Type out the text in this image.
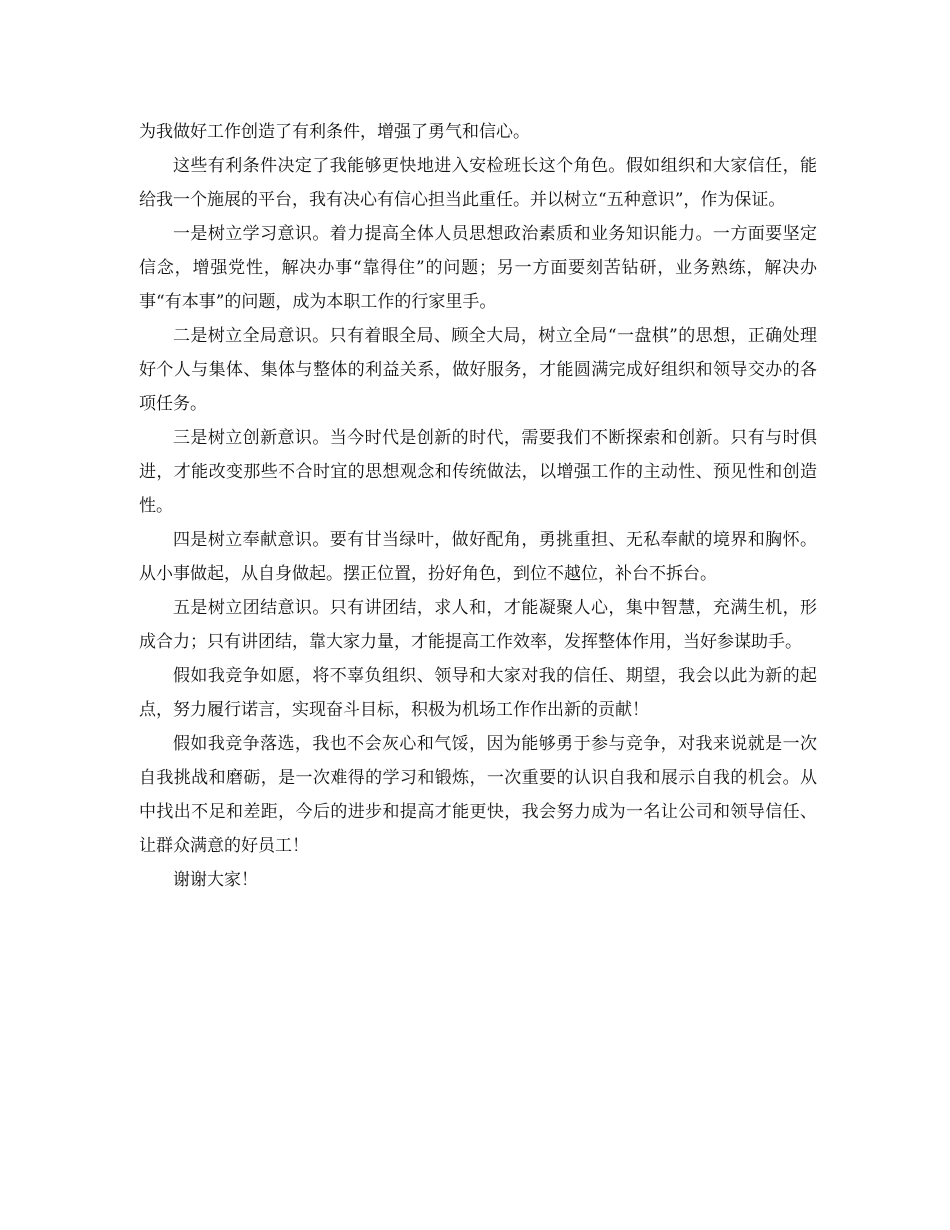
为我做好工作创造了有利条件，增强了勇气和信心。

这些有利条件决定了我能够更快地进入安检班长这个角色。假如组织和大家信任，能给我一个施展的平台，我有决心有信心担当此重任。并以树立“五种意识”，作为保证。

一是树立学习意识。着力提高全体人员思想政治素质和业务知识能力。一方面要坚定信念，增强党性，解决办事“靠得住”的问题；另一方面要刻苦钻研，业务熟练，解决办事“有本事”的问题，成为本职工作的行家里手。

二是树立全局意识。只有着眼全局、顾全大局，树立全局“一盘棋”的思想，正确处理好个人与集体、集体与整体的利益关系，做好服务，才能圆满完成好组织和领导交办的各项任务。

三是树立创新意识。当今时代是创新的时代，需要我们不断探索和创新。只有与时俱进，才能改变那些不合时宜的思想观念和传统做法，以增强工作的主动性、预见性和创造性。

四是树立奉献意识。要有甘当绿叶，做好配角，勇挑重担、无私奉献的境界和胸怀。从小事做起，从自身做起。摆正位置，扮好角色，到位不越位，补台不拆台。

五是树立团结意识。只有讲团结，求人和，才能凝聚人心，集中智慧，充满生机，形成合力；只有讲团结，靠大家力量，才能提高工作效率，发挥整体作用，当好参谋助手。

假如我竞争如愿，将不辜负组织、领导和大家对我的信任、期望，我会以此为新的起点，努力履行诺言，实现奋斗目标，积极为机场工作作出新的贡献！

假如我竞争落选，我也不会灰心和气馁，因为能够勇于参与竞争，对我来说就是一次自我挑战和磨砺，是一次难得的学习和锻炼，一次重要的认识自我和展示自我的机会。从中找出不足和差距，今后的进步和提高才能更快，我会努力成为一名让公司和领导信任、让群众满意的好员工！

谢谢大家！
